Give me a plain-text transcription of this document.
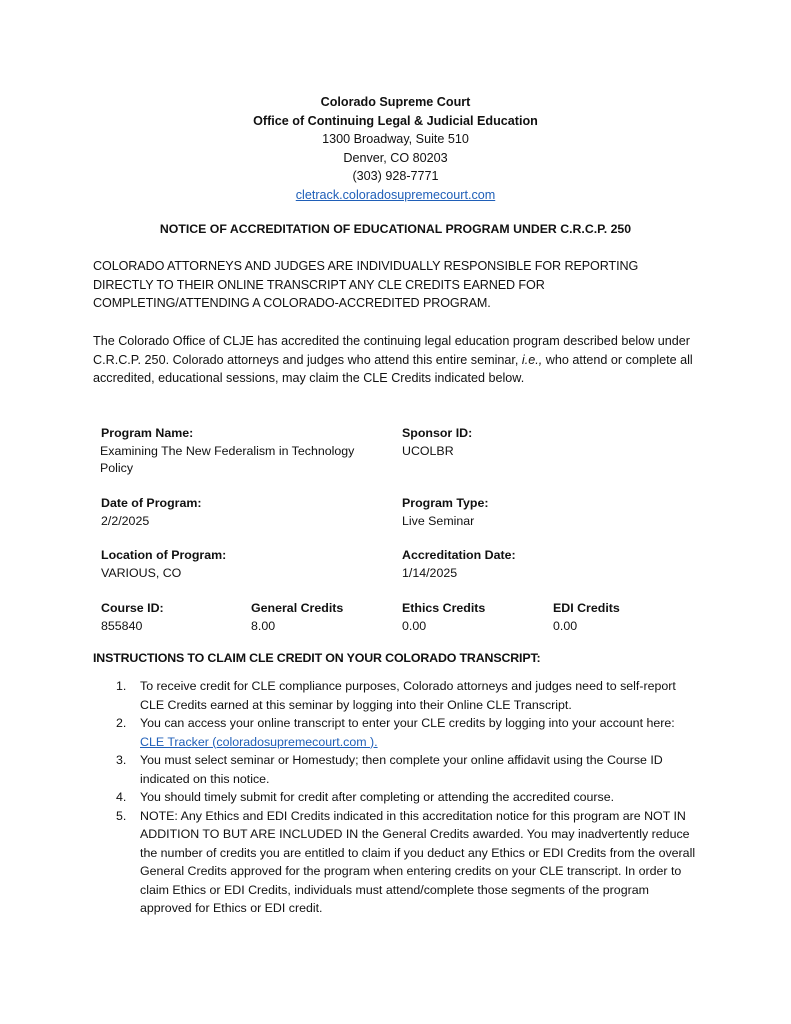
Colorado Supreme Court
Office of Continuing Legal & Judicial Education
1300 Broadway, Suite 510
Denver, CO 80203
(303) 928-7771
cletrack.coloradosupremecourt.com
NOTICE OF ACCREDITATION OF EDUCATIONAL PROGRAM UNDER C.R.C.P. 250
COLORADO ATTORNEYS AND JUDGES ARE INDIVIDUALLY RESPONSIBLE FOR REPORTING
DIRECTLY TO THEIR ONLINE TRANSCRIPT ANY CLE CREDITS EARNED FOR
COMPLETING/ATTENDING A COLORADO-ACCREDITED PROGRAM.
The Colorado Office of CLJE has accredited the continuing legal education program described below under C.R.C.P. 250. Colorado attorneys and judges who attend this entire seminar, i.e., who attend or complete all accredited, educational sessions, may claim the CLE Credits indicated below.
Program Name:
Examining The New Federalism in Technology Policy
Sponsor ID:
UCOLBR
Date of Program:
2/2/2025
Program Type:
Live Seminar
Location of Program:
VARIOUS, CO
Accreditation Date:
1/14/2025
Course ID:
855840
General Credits
8.00
Ethics Credits
0.00
EDI Credits
0.00
INSTRUCTIONS TO CLAIM CLE CREDIT ON YOUR COLORADO TRANSCRIPT:
1. To receive credit for CLE compliance purposes, Colorado attorneys and judges need to self-report CLE Credits earned at this seminar by logging into their Online CLE Transcript.
2. You can access your online transcript to enter your CLE credits by logging into your account here:   CLE Tracker (coloradosupremecourt.com ).
3. You must select seminar or Homestudy; then complete your online affidavit using the Course ID indicated on this notice.
4. You should timely submit for credit after completing or attending the accredited course.
5. NOTE: Any Ethics and EDI Credits indicated in this accreditation notice for this program are NOT IN ADDITION TO BUT ARE INCLUDED IN the General Credits awarded. You may inadvertently reduce the number of credits you are entitled to claim if you deduct any Ethics or EDI Credits from the overall General Credits approved for the program when entering credits on your CLE transcript. In order to claim Ethics or EDI Credits, individuals must attend/complete those segments of the program approved for Ethics or EDI credit.
